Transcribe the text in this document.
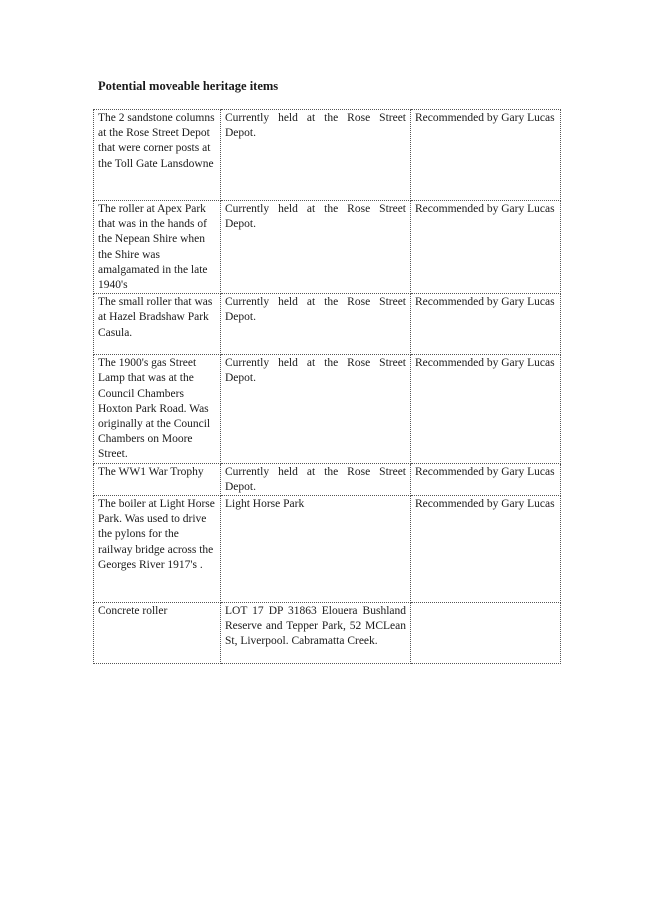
Potential moveable heritage items
The 2 sandstone columns at the Rose Street Depot that were corner posts at the Toll Gate Lansdowne	Currently held at the Rose Street Depot.	Recommended by Gary Lucas
The roller at Apex Park that was in the hands of the Nepean Shire when the Shire was amalgamated in the late 1940's	Currently held at the Rose Street Depot.	Recommended by Gary Lucas
The small roller that was at Hazel Bradshaw Park Casula.	Currently held at the Rose Street Depot.	Recommended by Gary Lucas
The 1900's gas Street Lamp that was at the Council Chambers Hoxton Park Road. Was originally at the Council Chambers on Moore Street.	Currently held at the Rose Street Depot.	Recommended by Gary Lucas
The WW1 War Trophy	Currently held at the Rose Street Depot.	Recommended by Gary Lucas
The boiler at Light Horse Park. Was used to drive the pylons for the railway bridge across the Georges River 1917's .	Light Horse Park	Recommended by Gary Lucas
Concrete roller	LOT 17 DP 31863 Elouera Bushland Reserve and Tepper Park, 52 MCLean St, Liverpool. Cabramatta Creek.	
